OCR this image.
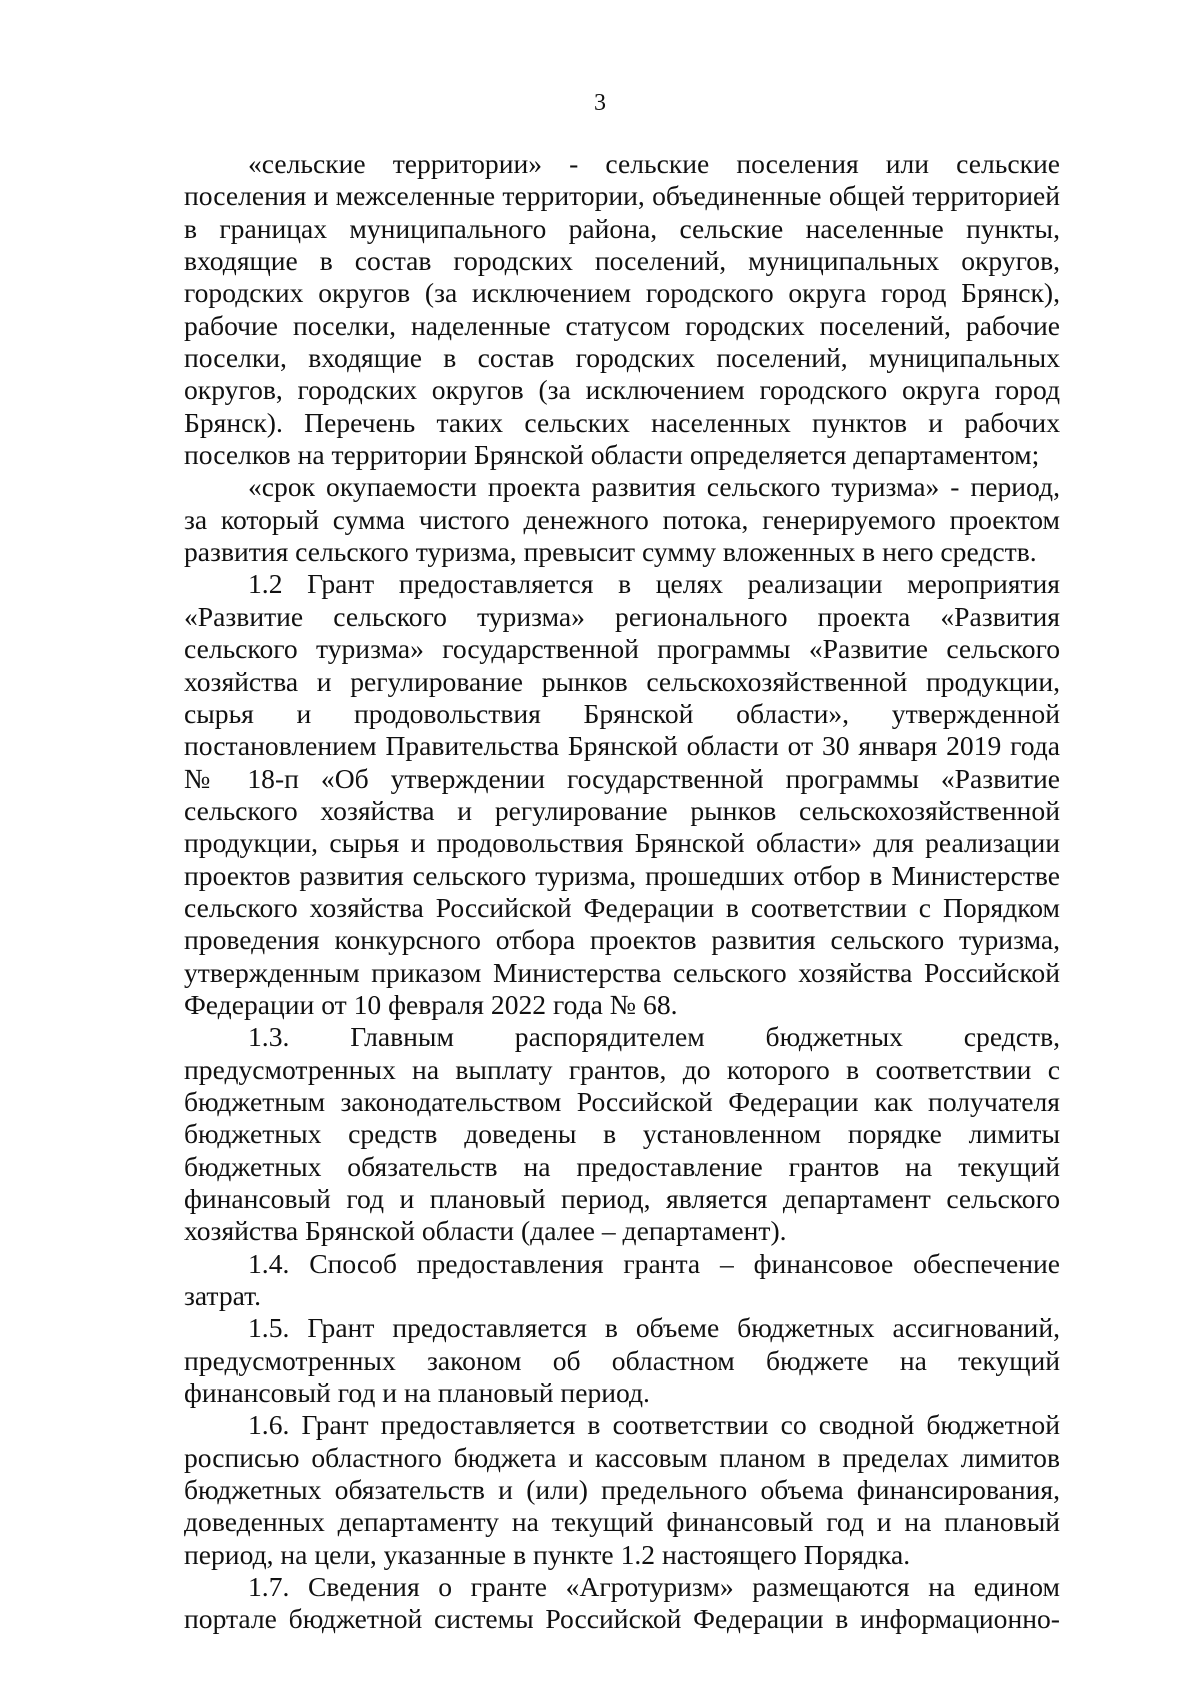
3

«сельские территории» - сельские поселения или сельские поселения и межселенные территории, объединенные общей территорией в границах муниципального района, сельские населенные пункты, входящие в состав городских поселений, муниципальных округов, городских округов (за исключением городского округа город Брянск), рабочие поселки, наделенные статусом городских поселений, рабочие поселки, входящие в состав городских поселений, муниципальных округов, городских округов (за исключением городского округа город Брянск). Перечень таких сельских населенных пунктов и рабочих поселков на территории Брянской области определяется департаментом;

«срок окупаемости проекта развития сельского туризма» - период, за который сумма чистого денежного потока, генерируемого проектом развития сельского туризма, превысит сумму вложенных в него средств.

1.2 Грант предоставляется в целях реализации мероприятия «Развитие сельского туризма» регионального проекта «Развития сельского туризма» государственной программы «Развитие сельского хозяйства и регулирование рынков сельскохозяйственной продукции, сырья и продовольствия Брянской области», утвержденной постановлением Правительства Брянской области от 30 января 2019 года № 18-п «Об утверждении государственной программы «Развитие сельского хозяйства и регулирование рынков сельскохозяйственной продукции, сырья и продовольствия Брянской области» для реализации проектов развития сельского туризма, прошедших отбор в Министерстве сельского хозяйства Российской Федерации в соответствии с Порядком проведения конкурсного отбора проектов развития сельского туризма, утвержденным приказом Министерства сельского хозяйства Российской Федерации от 10 февраля 2022 года № 68.

1.3. Главным распорядителем бюджетных средств, предусмотренных на выплату грантов, до которого в соответствии с бюджетным законодательством Российской Федерации как получателя бюджетных средств доведены в установленном порядке лимиты бюджетных обязательств на предоставление грантов на текущий финансовый год и плановый период, является департамент сельского хозяйства Брянской области (далее – департамент).

1.4. Способ предоставления гранта – финансовое обеспечение затрат.

1.5. Грант предоставляется в объеме бюджетных ассигнований, предусмотренных законом об областном бюджете на текущий финансовый год и на плановый период.

1.6. Грант предоставляется в соответствии со сводной бюджетной росписью областного бюджета и кассовым планом в пределах лимитов бюджетных обязательств и (или) предельного объема финансирования, доведенных департаменту на текущий финансовый год и на плановый период, на цели, указанные в пункте 1.2 настоящего Порядка.

1.7. Сведения о гранте «Агротуризм» размещаются на едином портале бюджетной системы Российской Федерации в информационно-
